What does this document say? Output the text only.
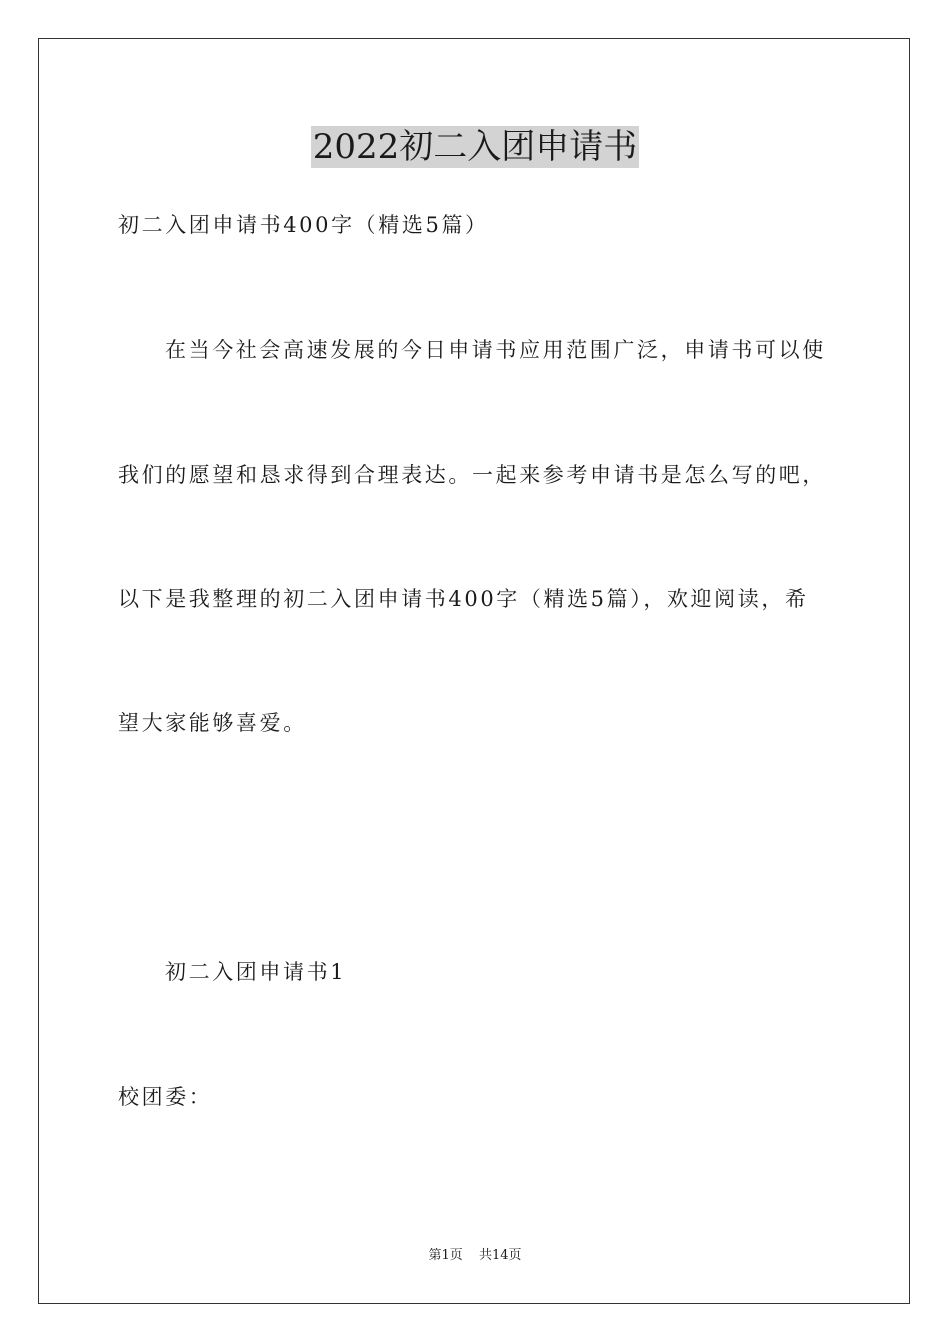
2022初二入团申请书
初二入团申请书400字（精选5篇）
在当今社会高速发展的今日申请书应用范围广泛，申请书可以使
我们的愿望和恳求得到合理表达。一起来参考申请书是怎么写的吧，
以下是我整理的初二入团申请书400字（精选5篇），欢迎阅读，希
望大家能够喜爱。
初二入团申请书1
校团委：
第1页 共14页
